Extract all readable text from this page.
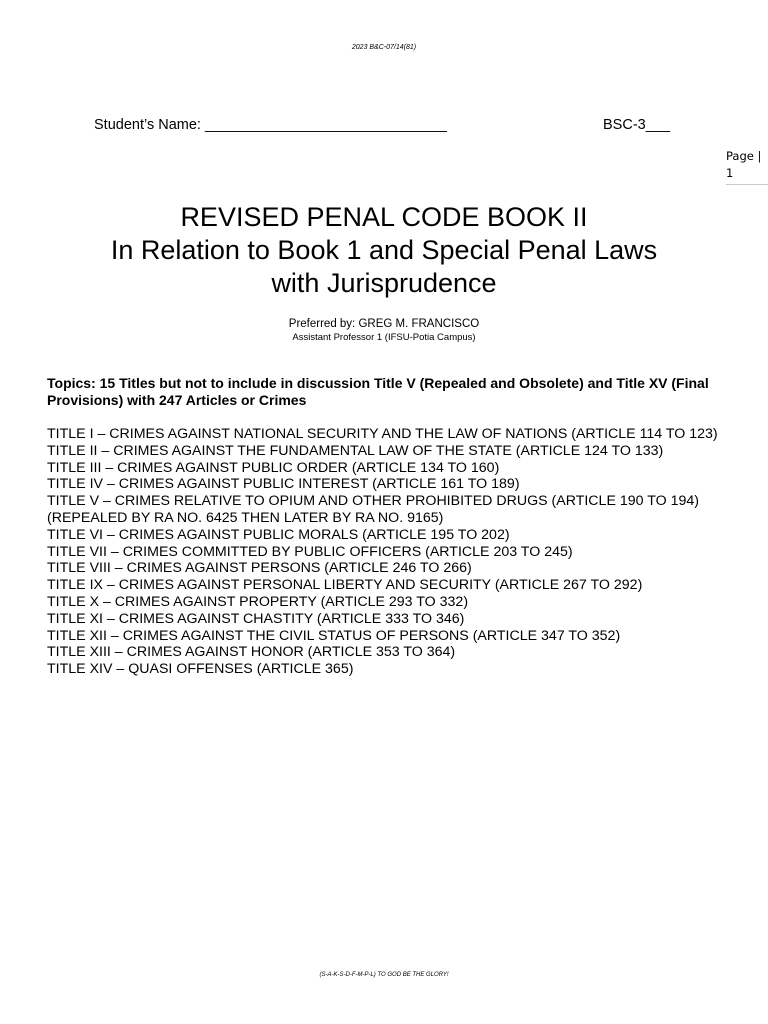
2023 B&C-07/14(81)
Student’s Name: ______________________________	BSC-3___
Page | 1
REVISED PENAL CODE BOOK II
In Relation to Book 1 and Special Penal Laws
with Jurisprudence
Preferred by: GREG M. FRANCISCO
Assistant Professor 1 (IFSU-Potia Campus)
Topics: 15 Titles but not to include in discussion Title V (Repealed and Obsolete) and Title XV (Final Provisions) with 247 Articles or Crimes
TITLE I – CRIMES AGAINST NATIONAL SECURITY AND THE LAW OF NATIONS (ARTICLE 114 TO 123)
TITLE II – CRIMES AGAINST THE FUNDAMENTAL LAW OF THE STATE (ARTICLE 124 TO 133)
TITLE III – CRIMES AGAINST PUBLIC ORDER (ARTICLE 134 TO 160)
TITLE IV – CRIMES AGAINST PUBLIC INTEREST (ARTICLE 161 TO 189)
TITLE V – CRIMES RELATIVE TO OPIUM AND OTHER PROHIBITED DRUGS (ARTICLE 190 TO 194) (REPEALED BY RA NO. 6425 THEN LATER BY RA NO. 9165)
TITLE VI – CRIMES AGAINST PUBLIC MORALS (ARTICLE 195 TO 202)
TITLE VII – CRIMES COMMITTED BY PUBLIC OFFICERS (ARTICLE 203 TO 245)
TITLE VIII – CRIMES AGAINST PERSONS (ARTICLE 246 TO 266)
TITLE IX – CRIMES AGAINST PERSONAL LIBERTY AND SECURITY (ARTICLE 267 TO 292)
TITLE X – CRIMES AGAINST PROPERTY (ARTICLE 293 TO 332)
TITLE XI – CRIMES AGAINST CHASTITY (ARTICLE 333 TO 346)
TITLE XII – CRIMES AGAINST THE CIVIL STATUS OF PERSONS (ARTICLE 347 TO 352)
TITLE XIII – CRIMES AGAINST HONOR (ARTICLE 353 TO 364)
TITLE XIV – QUASI OFFENSES (ARTICLE 365)
(S-A-K-S-D-F-M-P-L) TO GOD BE THE GLORY!
